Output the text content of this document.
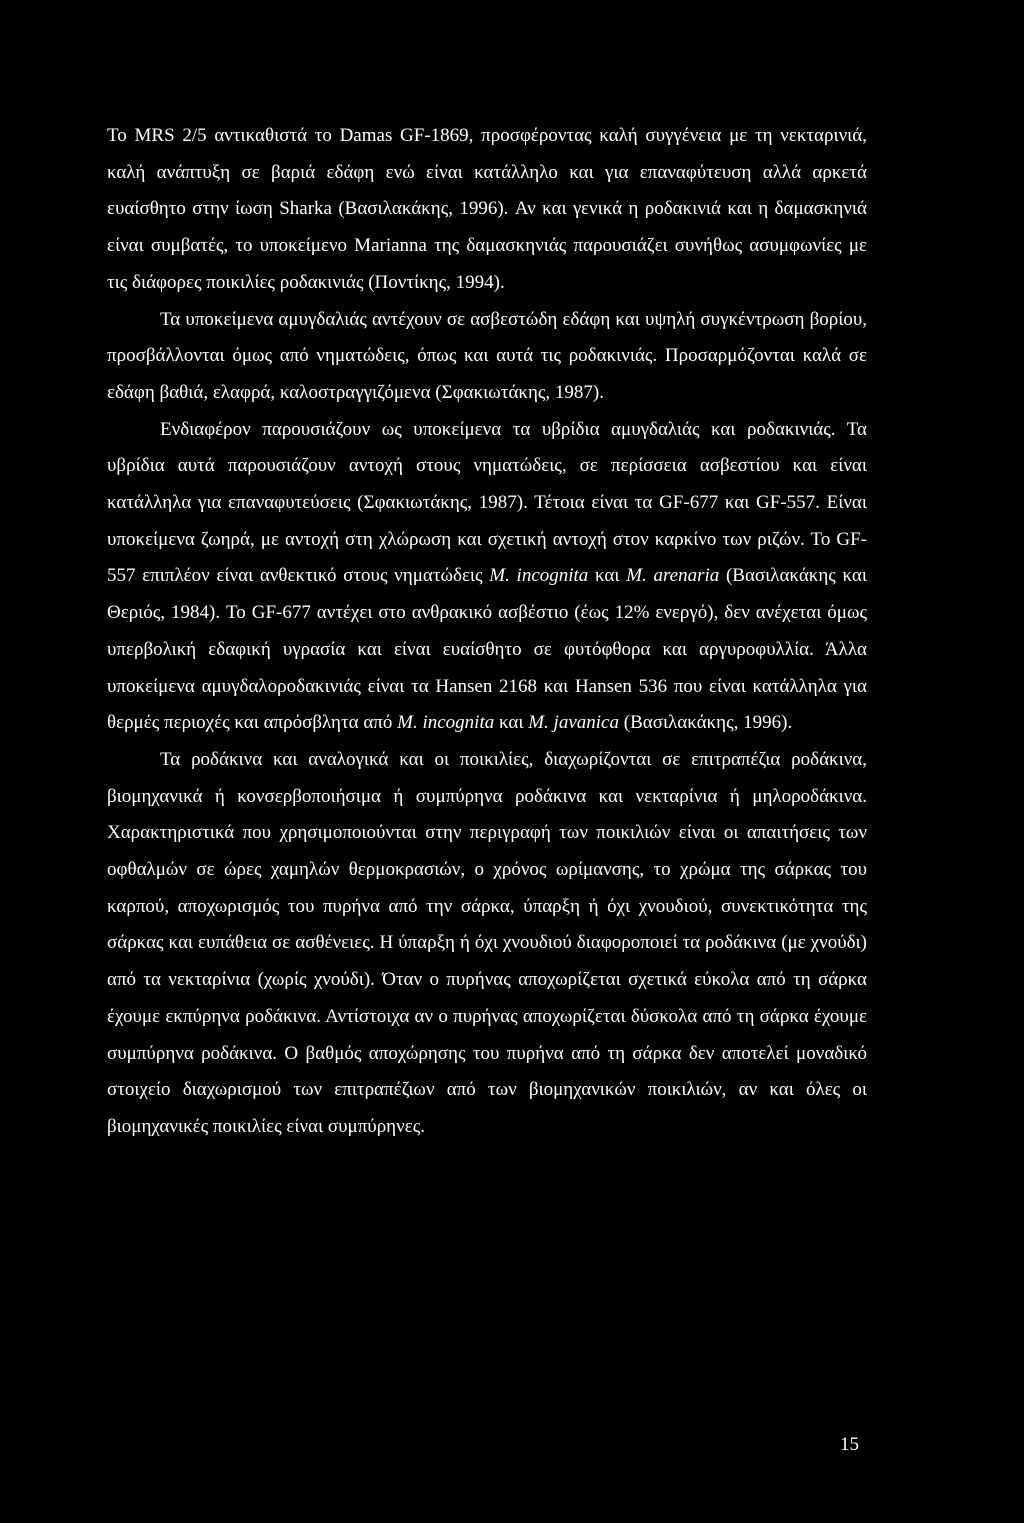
Το MRS 2/5 αντικαθιστά το Damas GF-1869, προσφέροντας καλή συγγένεια με τη νεκταρινιά, καλή ανάπτυξη σε βαριά εδάφη ενώ είναι κατάλληλο και για επαναφύτευση αλλά αρκετά ευαίσθητο στην ίωση Sharka (Βασιλακάκης, 1996). Αν και γενικά η ροδακινιά και η δαμασκηνιά είναι συμβατές, το υποκείμενο Marianna της δαμασκηνιάς παρουσιάζει συνήθως ασυμφωνίες με τις διάφορες ποικιλίες ροδακινιάς (Ποντίκης, 1994).

Τα υποκείμενα αμυγδαλιάς αντέχουν σε ασβεστώδη εδάφη και υψηλή συγκέντρωση βορίου, προσβάλλονται όμως από νηματώδεις, όπως και αυτά τις ροδακινιάς. Προσαρμόζονται καλά σε εδάφη βαθιά, ελαφρά, καλοστραγγιζόμενα (Σφακιωτάκης, 1987).

Ενδιαφέρον παρουσιάζουν ως υποκείμενα τα υβρίδια αμυγδαλιάς και ροδακινιάς. Τα υβρίδια αυτά παρουσιάζουν αντοχή στους νηματώδεις, σε περίσσεια ασβεστίου και είναι κατάλληλα για επαναφυτεύσεις (Σφακιωτάκης, 1987). Τέτοια είναι τα GF-677 και GF-557. Είναι υποκείμενα ζωηρά, με αντοχή στη χλώρωση και σχετική αντοχή στον καρκίνο των ριζών. Το GF-557 επιπλέον είναι ανθεκτικό στους νηματώδεις M. incognita και M. arenaria (Βασιλακάκης και Θεριός, 1984). Το GF-677 αντέχει στο ανθρακικό ασβέστιο (έως 12% ενεργό), δεν ανέχεται όμως υπερβολική εδαφική υγρασία και είναι ευαίσθητο σε φυτόφθορα και αργυροφυλλία. Άλλα υποκείμενα αμυγδαλοροδακινιάς είναι τα Hansen 2168 και Hansen 536 που είναι κατάλληλα για θερμές περιοχές και απρόσβλητα από M. incognita και M. javanica (Βασιλακάκης, 1996).

Τα ροδάκινα και αναλογικά και οι ποικιλίες, διαχωρίζονται σε επιτραπέζια ροδάκινα, βιομηχανικά ή κονσερβοποιήσιμα ή συμπύρηνα ροδάκινα και νεκταρίνια ή μηλοροδάκινα. Χαρακτηριστικά που χρησιμοποιούνται στην περιγραφή των ποικιλιών είναι οι απαιτήσεις των οφθαλμών σε ώρες χαμηλών θερμοκρασιών, ο χρόνος ωρίμανσης, το χρώμα της σάρκας του καρπού, αποχωρισμός του πυρήνα από την σάρκα, ύπαρξη ή όχι χνουδιού, συνεκτικότητα της σάρκας και ευπάθεια σε ασθένειες. Η ύπαρξη ή όχι χνουδιού διαφοροποιεί τα ροδάκινα (με χνούδι) από τα νεκταρίνια (χωρίς χνούδι). Όταν ο πυρήνας αποχωρίζεται σχετικά εύκολα από τη σάρκα έχουμε εκπύρηνα ροδάκινα. Αντίστοιχα αν ο πυρήνας αποχωρίζεται δύσκολα από τη σάρκα έχουμε συμπύρηνα ροδάκινα. Ο βαθμός αποχώρησης του πυρήνα από τη σάρκα δεν αποτελεί μοναδικό στοιχείο διαχωρισμού των επιτραπέζιων από των βιομηχανικών ποικιλιών, αν και όλες οι βιομηχανικές ποικιλίες είναι συμπύρηνες.

15
